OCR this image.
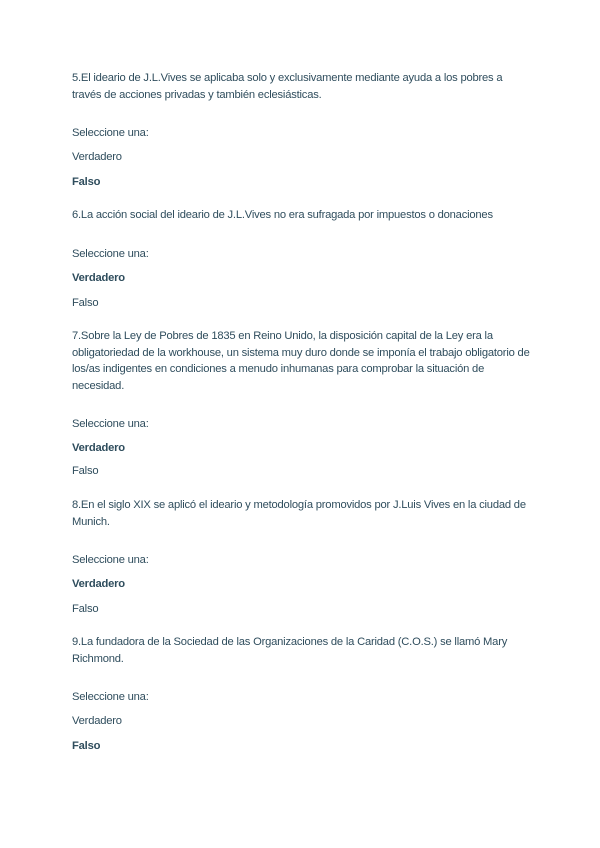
5.El ideario de J.L.Vives se aplicaba solo y exclusivamente mediante ayuda a los pobres a través de acciones privadas y también eclesiásticas.

Seleccione una:
Verdadero
Falso

6.La acción social del ideario de J.L.Vives no era sufragada por impuestos o donaciones

Seleccione una:
Verdadero
Falso

7.Sobre la Ley de Pobres de 1835 en Reino Unido, la disposición capital de la Ley era la obligatoriedad de la workhouse, un sistema muy duro donde se imponía el trabajo obligatorio de los/as indigentes en condiciones a menudo inhumanas para comprobar la situación de necesidad.

Seleccione una:
Verdadero
Falso

8.En el siglo XIX se aplicó el ideario y metodología promovidos por J.Luis Vives en la ciudad de Munich.

Seleccione una:
Verdadero
Falso

9.La fundadora de la Sociedad de las Organizaciones de la Caridad (C.O.S.) se llamó Mary Richmond.

Seleccione una:
Verdadero
Falso
